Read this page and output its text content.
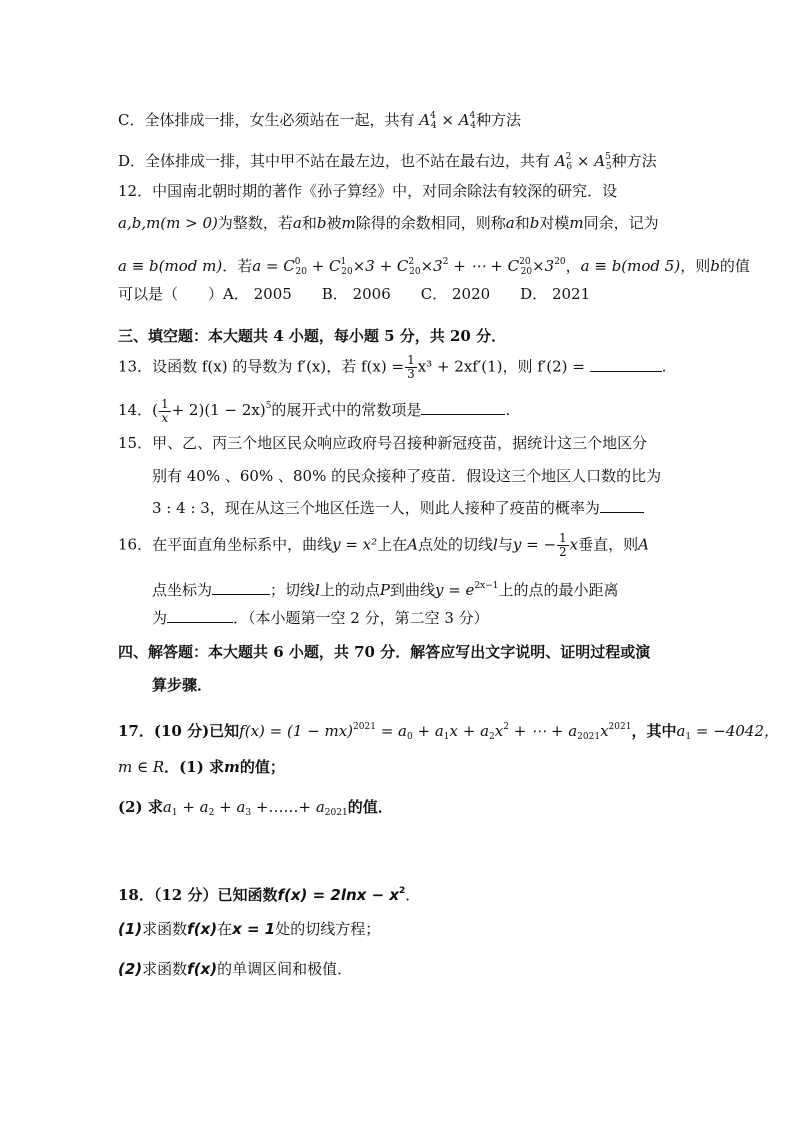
C．全体排成一排，女生必须站在一起，共有 $A^4_4 \times A^4_4$种方法
D．全体排成一排，其中甲不站在最左边，也不站在最右边，共有 $A^2_6 \times A^5_5$种方法
12．中国南北朝时期的著作《孙子算经》中，对同余除法有较深的研究．设
a,b,m(m > 0)为整数，若a和b被m除得的余数相同，则称a和b对模m同余，记为
a ≡ b(mod m)．若$a = C^0_{20} + C^1_{20}\times 3 + C^2_{20}\times 3^2$ + ⋯ + $C^{20}_{20}\times 3^{20}$，a ≡ b(mod 5)，则b的值
可以是（　　）A． 2005　　B． 2006　　C． 2020　　D． 2021
三、填空题：本大题共 4 小题，每小题 5 分，共 20 分．
13．设函数 f(x) 的导数为 f′(x)，若 $f(x) = \frac{1}{3} x^3 + 2xf'(1)$，则 f′(2) =	.
14．( $\frac{1}{x} + 2)(1 - 2x)^5$的展开式中的常数项是	.
15．甲、乙、丙三个地区民众响应政府号召接种新冠疫苗，据统计这三个地区分
别有 40% 、60% 、80% 的民众接种了疫苗．假设这三个地区人口数的比为
3 : 4 : 3，现在从这三个地区任选一人，则此人接种了疫苗的概率为
16．在平面直角坐标系中，曲线y = x²上在A点处的切线l与y = − $\frac{1}{2}$ x垂直，则A
点坐标为	；切线l上的动点P到曲线$y = e^{2x-1}$上的点的最小距离
为	．（本小题第一空 2 分，第二空 3 分）
四、解答题：本大题共 6 小题，共 70 分．解答应写出文字说明、证明过程或演
算步骤．
17．(10 分)已知$f(x) = (1 - mx)^{2021} = a_0 + a_1x + a_2x^2$ + ⋯ + $a_{2021}x^{2021}$，其中$a_1 = -4042$，
m ∈ R．(1) 求m的值；
(2) 求$a_1 + a_2 + a_3$ +……+ $a_{2021}$的值．
18．（12 分）已知函数$f(x) = 2\ln x - x^2$．
(1)求函数f(x)在x = 1处的切线方程；
(2)求函数f(x)的单调区间和极值．
